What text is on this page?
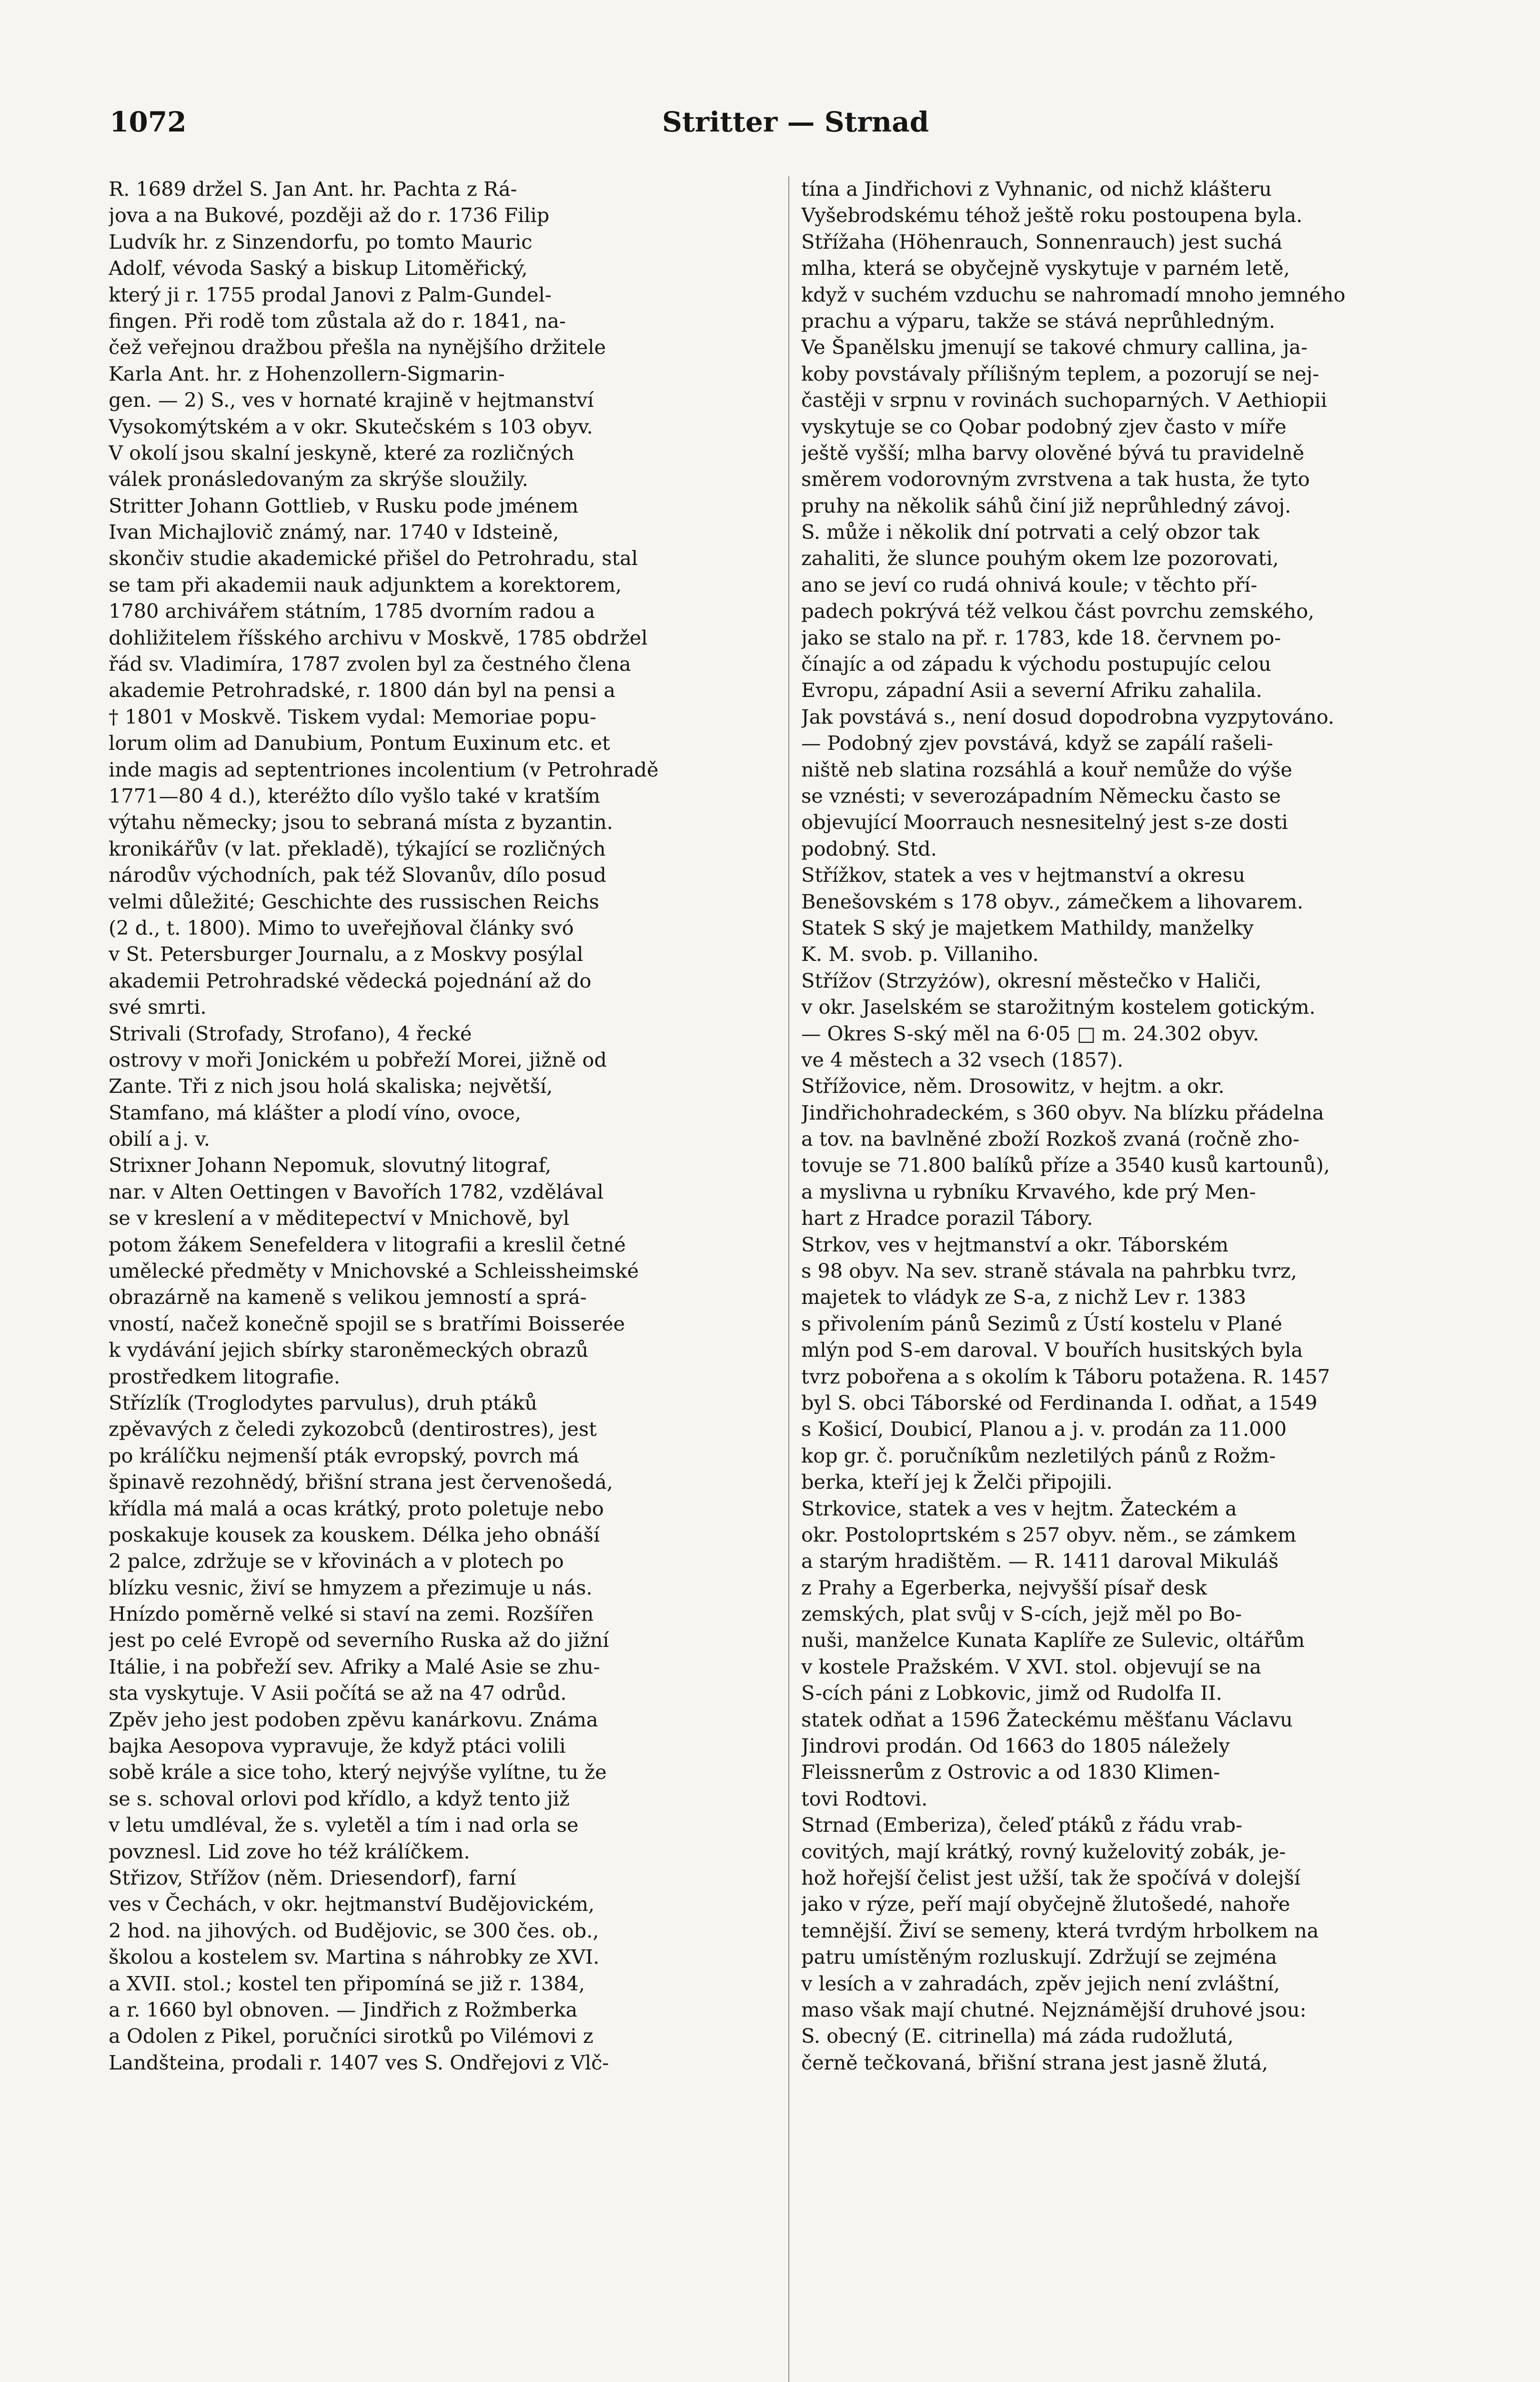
1072	Stritter — Strnad
R. 1689 držel S. Jan Ant. hr. Pachta z Rá-
jova a na Bukové, později až do r. 1736 Filip
Ludvík hr. z Sinzendorfu, po tomto Mauric
Adolf, vévoda Saský a biskup Litoměřický,
který ji r. 1755 prodal Janovi z Palm-Gundel-
fingen. Při rodě tom zůstala až do r. 1841, na-
čež veřejnou dražbou přešla na nynějšího držitele
Karla Ant. hr. z Hohenzollern-Sigmarin-
gen. — 2) S., ves v hornaté krajině v hejtmanství
Vysokomýtském a v okr. Skutečském s 103 obyv.
V okolí jsou skalní jeskyně, které za rozličných
válek pronásledovaným za skrýše sloužily.
Stritter Johann Gottlieb, v Rusku pode jménem
Ivan Michajlovič známý, nar. 1740 v Idsteině,
skončiv studie akademické přišel do Petrohradu, stal
se tam při akademii nauk adjunktem a korektorem,
1780 archivářem státním, 1785 dvorním radou a
dohližitelem říšského archivu v Moskvě, 1785 obdržel
řád sv. Vladimíra, 1787 zvolen byl za čestného člena
akademie Petrohradské, r. 1800 dán byl na pensi a
† 1801 v Moskvě. Tiskem vydal: Memoriae popu-
lorum olim ad Danubium, Pontum Euxinum etc. et
inde magis ad septentriones incolentium (v Petrohradě
1771—80 4 d.), kteréžto dílo vyšlo také v kratším
výtahu německy; jsou to sebraná místa z byzantin.
kronikářův (v lat. překladě), týkající se rozličných
národův východních, pak též Slovanův, dílo posud
velmi důležité; Geschichte des russischen Reichs
(2 d., t. 1800). Mimo to uveřejňoval články svó
v St. Petersburger Journalu, a z Moskvy posýlal
akademii Petrohradské vědecká pojednání až do
své smrti.
Strivali (Strofady, Strofano), 4 řecké
ostrovy v moři Jonickém u pobřeží Morei, jižně od
Zante. Tři z nich jsou holá skaliska; největší,
Stamfano, má klášter a plodí víno, ovoce,
obilí a j. v.
Strixner Johann Nepomuk, slovutný litograf,
nar. v Alten Oettingen v Bavořích 1782, vzdělával
se v kreslení a v měditepectví v Mnichově, byl
potom žákem Senefeldera v litografii a kreslil četné
umělecké předměty v Mnichovské a Schleissheimské
obrazárně na kameně s velikou jemností a sprá-
vností, načež konečně spojil se s bratřími Boisserée
k vydávání jejich sbírky staroněmeckých obrazů
prostředkem litografie.
Střízlík (Troglodytes parvulus), druh ptáků
zpěvavých z čeledi zykozobců (dentirostres), jest
po králíčku nejmenší pták evropský, povrch má
špinavě rezohnědý, břišní strana jest červenošedá,
křídla má malá a ocas krátký, proto poletuje nebo
poskakuje kousek za kouskem. Délka jeho obnáší
2 palce, zdržuje se v křovinách a v plotech po
blízku vesnic, živí se hmyzem a přezimuje u nás.
Hnízdo poměrně velké si staví na zemi. Rozšířen
jest po celé Evropě od severního Ruska až do jižní
Itálie, i na pobřeží sev. Afriky a Malé Asie se zhu-
sta vyskytuje. V Asii počítá se až na 47 odrůd.
Zpěv jeho jest podoben zpěvu kanárkovu. Známa
bajka Aesopova vypravuje, že když ptáci volili
sobě krále a sice toho, který nejvýše vylítne, tu že
se s. schoval orlovi pod křídlo, a když tento již
v letu umdléval, že s. vyletěl a tím i nad orla se
povznesl. Lid zove ho též králíčkem.
Střizov, Střížov (něm. Driesendorf), farní
ves v Čechách, v okr. hejtmanství Budějovickém,
2 hod. na jihových. od Budějovic, se 300 čes. ob.,
školou a kostelem sv. Martina s náhrobky ze XVI.
a XVII. stol.; kostel ten připomíná se již r. 1384,
a r. 1660 byl obnoven. — Jindřich z Rožmberka
a Odolen z Pikel, poručníci sirotků po Vilémovi z
Landšteina, prodali r. 1407 ves S. Ondřejovi z Vlč-
tína a Jindřichovi z Vyhnanic, od nichž klášteru
Vyšebrodskému téhož ještě roku postoupena byla.
Střížaha (Höhenrauch, Sonnenrauch) jest suchá
mlha, která se obyčejně vyskytuje v parném letě,
když v suchém vzduchu se nahromadí mnoho jemného
prachu a výparu, takže se stává neprůhledným.
Ve Španělsku jmenují se takové chmury callina, ja-
koby povstávaly přílišným teplem, a pozorují se nej-
častěji v srpnu v rovinách suchoparných. V Aethiopii
vyskytuje se co Qobar podobný zjev často v míře
ještě vyšší; mlha barvy olověné bývá tu pravidelně
směrem vodorovným zvrstvena a tak husta, že tyto
pruhy na několik sáhů činí již neprůhledný závoj.
S. může i několik dní potrvati a celý obzor tak
zahaliti, že slunce pouhým okem lze pozorovati,
ano se jeví co rudá ohnivá koule; v těchto pří-
padech pokrývá též velkou část povrchu zemského,
jako se stalo na př. r. 1783, kde 18. červnem po-
čínajíc a od západu k východu postupujíc celou
Evropu, západní Asii a severní Afriku zahalila.
Jak povstává s., není dosud dopodrobna vyzpytováno.
— Podobný zjev povstává, když se zapálí rašeli-
niště neb slatina rozsáhlá a kouř nemůže do výše
se vznésti; v severozápadním Německu často se
objevující Moorrauch nesnesitelný jest s-ze dosti
podobný. Std.
Střížkov, statek a ves v hejtmanství a okresu
Benešovském s 178 obyv., zámečkem a lihovarem.
Statek S ský je majetkem Mathildy, manželky
K. M. svob. p. Villaniho.
Střížov (Strzyżów), okresní městečko v Haliči,
v okr. Jaselském se starožitným kostelem gotickým.
— Okres S-ský měl na 6·05 □ m. 24.302 obyv.
ve 4 městech a 32 vsech (1857).
Střížovice, něm. Drosowitz, v hejtm. a okr.
Jindřichohradeckém, s 360 obyv. Na blízku přádelna
a tov. na bavlněné zboží Rozkoš zvaná (ročně zho-
tovuje se 71.800 balíků příze a 3540 kusů kartounů),
a myslivna u rybníku Krvavého, kde prý Men-
hart z Hradce porazil Tábory.
Strkov, ves v hejtmanství a okr. Táborském
s 98 obyv. Na sev. straně stávala na pahrbku tvrz,
majetek to vládyk ze S-a, z nichž Lev r. 1383
s přivolením pánů Sezimů z Ústí kostelu v Plané
mlýn pod S-em daroval. V bouřích husitských byla
tvrz pobořena a s okolím k Táboru potažena. R. 1457
byl S. obci Táborské od Ferdinanda I. odňat, a 1549
s Košicí, Doubicí, Planou a j. v. prodán za 11.000
kop gr. č. poručníkům nezletilých pánů z Rožm-
berka, kteří jej k Želči připojili.
Strkovice, statek a ves v hejtm. Žateckém a
okr. Postoloprtském s 257 obyv. něm., se zámkem
a starým hradištěm. — R. 1411 daroval Mikuláš
z Prahy a Egerberka, nejvyšší písař desk
zemských, plat svůj v S-cích, jejž měl po Bo-
nuši, manželce Kunata Kaplíře ze Sulevic, oltářům
v kostele Pražském. V XVI. stol. objevují se na
S-cích páni z Lobkovic, jimž od Rudolfa II.
statek odňat a 1596 Žateckému měšťanu Václavu
Jindrovi prodán. Od 1663 do 1805 náležely
Fleissnerům z Ostrovic a od 1830 Klimen-
tovi Rodtovi.
Strnad (Emberiza), čeleď ptáků z řádu vrab-
covitých, mají krátký, rovný kuželovitý zobák, je-
hož hořejší čelist jest užší, tak že spočívá v dolejší
jako v rýze, peří mají obyčejně žlutošedé, nahoře
temnější. Živí se semeny, která tvrdým hrbolkem na
patru umístěným rozluskují. Zdržují se zejména
v lesích a v zahradách, zpěv jejich není zvláštní,
maso však mají chutné. Nejznámější druhové jsou:
S. obecný (E. citrinella) má záda rudožlutá,
černě tečkovaná, břišní strana jest jasně žlutá,
